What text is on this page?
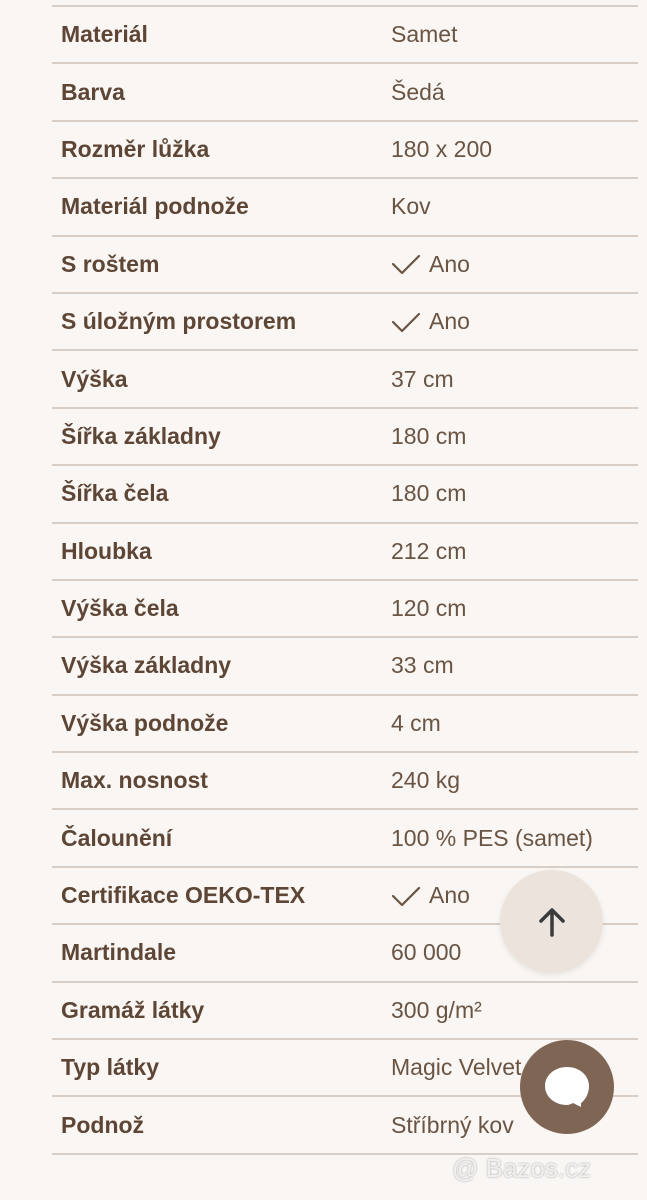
Materiál	Samet
Barva	Šedá
Rozměr lůžka	180 x 200
Materiál podnože	Kov
S roštem	Ano
S úložným prostorem	Ano
Výška	37 cm
Šířka základny	180 cm
Šířka čela	180 cm
Hloubka	212 cm
Výška čela	120 cm
Výška základny	33 cm
Výška podnože	4 cm
Max. nosnost	240 kg
Čalounění	100 % PES (samet)
Certifikace OEKO-TEX	Ano
Martindale	60 000
Gramáž látky	300 g/m²
Typ látky	Magic Velvet
Podnož	Stříbrný kov
@ Bazos.cz
